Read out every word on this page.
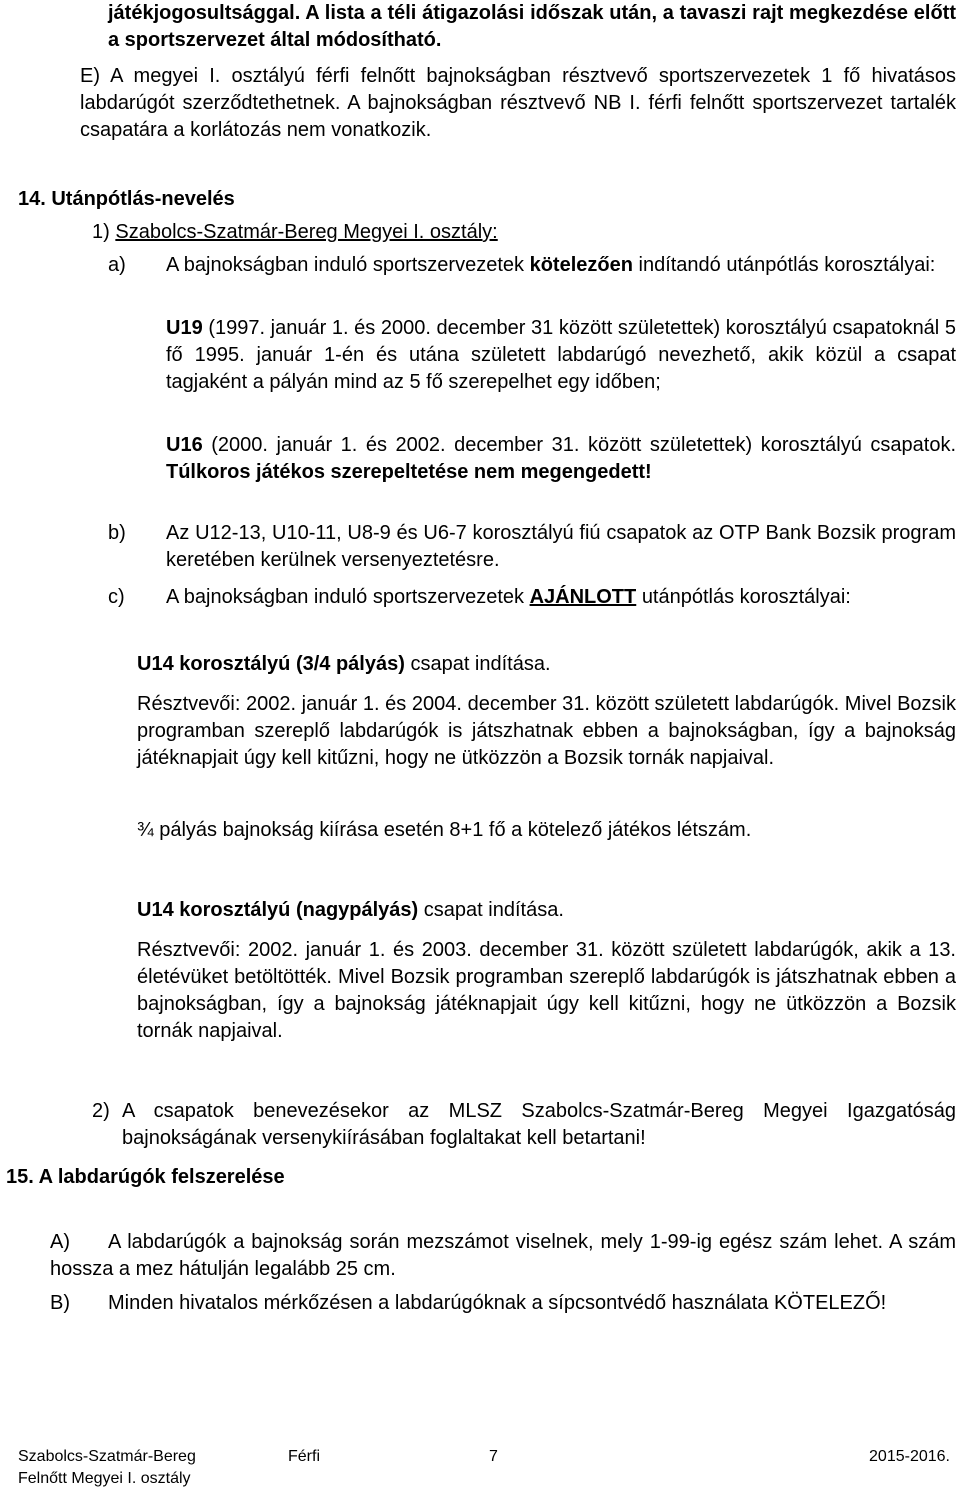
játékjogosultsággal. A lista a téli átigazolási időszak után, a tavaszi rajt megkezdése előtt a sportszervezet által módosítható.

E) A megyei I. osztályú férfi felnőtt bajnokságban résztvevő sportszervezetek 1 fő hivatásos labdarúgót szerződtethetnek. A bajnokságban résztvevő NB I. férfi felnőtt sportszervezet tartalék csapatára a korlátozás nem vonatkozik.

14. Utánpótlás-nevelés

1) Szabolcs-Szatmár-Bereg Megyei I. osztály:

a) A bajnokságban induló sportszervezetek kötelezően indítandó utánpótlás korosztályai:

U19 (1997. január 1. és 2000. december 31 között születettek) korosztályú csapatoknál 5 fő 1995. január 1-én és utána született labdarúgó nevezhető, akik közül a csapat tagjaként a pályán mind az 5 fő szerepelhet egy időben;

U16 (2000. január 1. és 2002. december 31. között születettek) korosztályú csapatok. Túlkoros játékos szerepeltetése nem megengedett!

b) Az U12-13, U10-11, U8-9 és U6-7 korosztályú fiú csapatok az OTP Bank Bozsik program keretében kerülnek versenyeztetésre.

c) A bajnokságban induló sportszervezetek AJÁNLOTT utánpótlás korosztályai:

U14 korosztályú (3/4 pályás) csapat indítása.

Résztvevői: 2002. január 1. és 2004. december 31. között született labdarúgók. Mivel Bozsik programban szereplő labdarúgók is játszhatnak ebben a bajnokságban, így a bajnokság játéknapjait úgy kell kitűzni, hogy ne ütközzön a Bozsik tornák napjaival.

¾ pályás bajnokság kiírása esetén 8+1 fő a kötelező játékos létszám.

U14 korosztályú (nagypályás) csapat indítása.

Résztvevői: 2002. január 1. és 2003. december 31. között született labdarúgók, akik a 13. életévüket betöltötték. Mivel Bozsik programban szereplő labdarúgók is játszhatnak ebben a bajnokságban, így a bajnokság játéknapjait úgy kell kitűzni, hogy ne ütközzön a Bozsik tornák napjaival.

2) A csapatok benevezésekor az MLSZ Szabolcs-Szatmár-Bereg Megyei Igazgatóság bajnokságának versenykiírásában foglaltakat kell betartani!

15. A labdarúgók felszerelése

A)	A labdarúgók a bajnokság során mezszámot viselnek, mely 1-99-ig egész szám lehet. A szám hossza a mez hátulján legalább 25 cm.

B)	Minden hivatalos mérkőzésen a labdarúgóknak a sípcsontvédő használata KÖTELEZŐ!

Szabolcs-Szatmár-Bereg
Felnőtt Megyei I. osztály
Férfi	7	2015-2016.
